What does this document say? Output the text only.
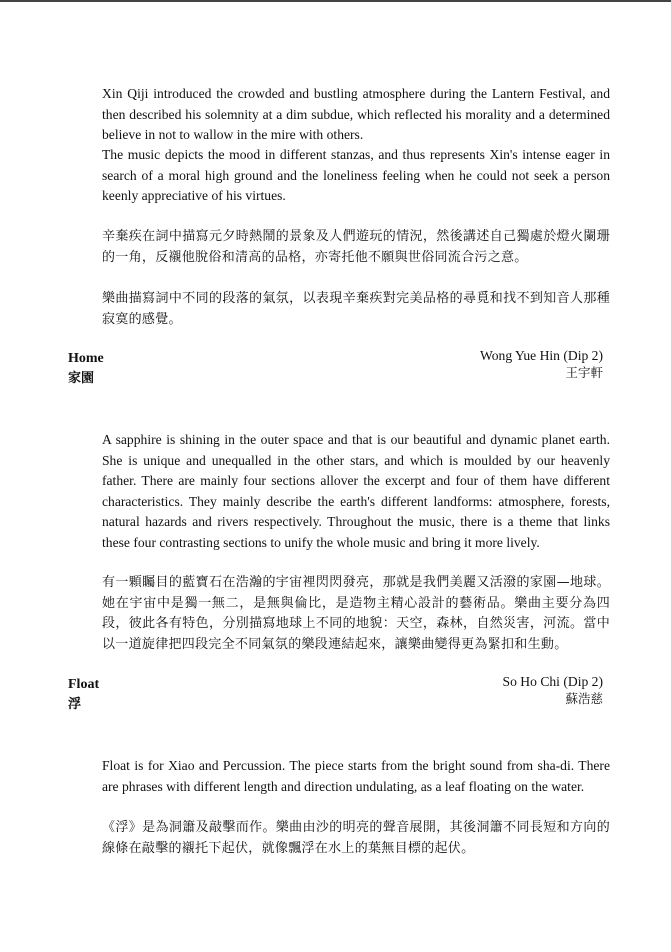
Xin Qiji introduced the crowded and bustling atmosphere during the Lantern Festival, and then described his solemnity at a dim subdue, which reflected his morality and a determined believe in not to wallow in the mire with others.

The music depicts the mood in different stanzas, and thus represents Xin's intense eager in search of a moral high ground and the loneliness feeling when he could not seek a person keenly appreciative of his virtues.

辛棄疾在詞中描寫元夕時熱鬧的景象及人們遊玩的情況，然後講述自己獨處於燈火闌珊的一角，反襯他脫俗和清高的品格，亦寄托他不願與世俗同流合污之意。

樂曲描寫詞中不同的段落的氣氛，以表現辛棄疾對完美品格的尋覓和找不到知音人那種寂寞的感覺。

Home
家園
Wong Yue Hin (Dip 2)
王宇軒

A sapphire is shining in the outer space and that is our beautiful and dynamic planet earth. She is unique and unequalled in the other stars, and which is moulded by our heavenly father. There are mainly four sections allover the excerpt and four of them have different characteristics. They mainly describe the earth's different landforms: atmosphere, forests, natural hazards and rivers respectively. Throughout the music, there is a theme that links these four contrasting sections to unify the whole music and bring it more lively.

有一顆矚目的藍寶石在浩瀚的宇宙裡閃閃發亮，那就是我們美麗又活潑的家園—地球。她在宇宙中是獨一無二，是無與倫比，是造物主精心設計的藝術品。樂曲主要分為四段，彼此各有特色，分別描寫地球上不同的地貌：天空，森林，自然災害，河流。當中以一道旋律把四段完全不同氣氛的樂段連結起來，讓樂曲變得更為緊扣和生動。

Float
浮
So Ho Chi (Dip 2)
蘇浩慈

Float is for Xiao and Percussion. The piece starts from the bright sound from sha-di. There are phrases with different length and direction undulating, as a leaf floating on the water.

《浮》是為洞簫及敲擊而作。樂曲由沙的明亮的聲音展開，其後洞簫不同長短和方向的線條在敲擊的襯托下起伏，就像飄浮在水上的葉無目標的起伏。
